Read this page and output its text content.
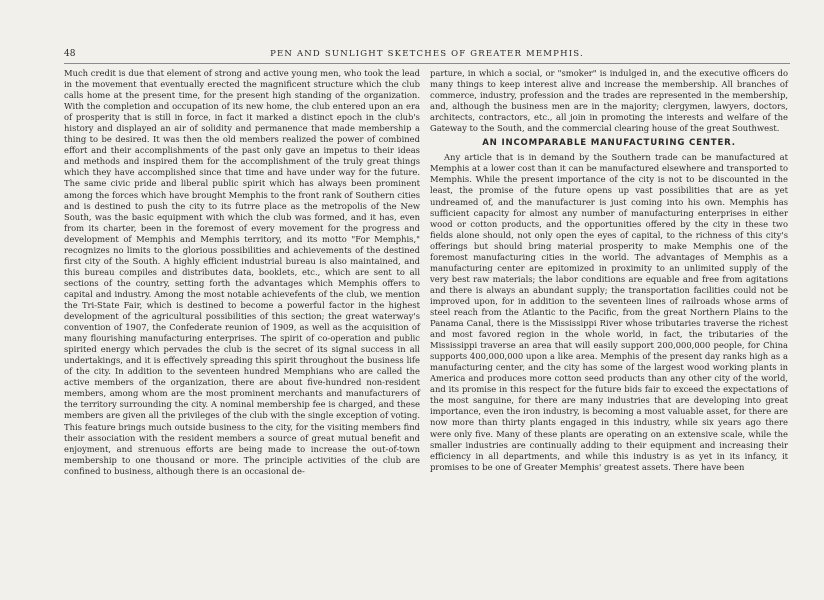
48	PEN AND SUNLIGHT SKETCHES OF GREATER MEMPHIS.

Much credit is due that element of strong and active young men, who took the lead in the movement that eventually erected the magnificent structure which the club calls home at the present time, for the present high standing of the organization. With the completion and occupation of its new home, the club entered upon an era of prosperity that is still in force, in fact it marked a distinct epoch in the club's history and displayed an air of solidity and permanence that made membership a thing to be desired. It was then the old members realized the power of combined effort and their accomplishments of the past only gave an impetus to their ideas and methods and inspired them for the accomplishment of the truly great things which they have accomplished since that time and have under way for the future. The same civic pride and liberal public spirit which has always been prominent among the forces which have brought Memphis to the front rank of Southern cities and is destined to push the city to its futrre place as the metropolis of the New South, was the basic equipment with which the club was formed, and it has, even from its charter, been in the foremost of every movement for the progress and development of Memphis and Memphis territory, and its motto "For Memphis," recognizes no limits to the glorious possibilities and achievements of the destined first city of the South. A highly efficient industrial bureau is also maintained, and this bureau compiles and distributes data, booklets, etc., which are sent to all sections of the country, setting forth the advantages which Memphis offers to capital and industry. Among the most notable achievefents of the club, we mention the Tri-State Fair, which is destined to become a powerful factor in the highest development of the agricultural possibilities of this section; the great waterway's convention of 1907, the Confederate reunion of 1909, as well as the acquisition of many flourishing manufacturing enterprises. The spirit of co-operation and public spirited energy which pervades the club is the secret of its signal success in all undertakings, and it is effectively spreading this spirit throughout the business life of the city. In addition to the seventeen hundred Memphians who are called the active members of the organization, there are about five-hundred non-resident members, among whom are the most prominent merchants and manufacturers of the territory surrounding the city. A nominal membership fee is charged, and these members are given all the privileges of the club with the single exception of voting. This feature brings much outside business to the city, for the visiting members find their association with the resident members a source of great mutual benefit and enjoyment, and strenuous efforts are being made to increase the out-of-town membership to one thousand or more. The principle activities of the club are confined to business, although there is an occasional de-

parture, in which a social, or "smoker" is indulged in, and the executive officers do many things to keep interest alive and increase the membership. All branches of commerce, industry, profession and the trades are represented in the membership, and, although the business men are in the majority; clergymen, lawyers, doctors, architects, contractors, etc., all join in promoting the interests and welfare of the Gateway to the South, and the commercial clearing house of the great Southwest.

AN INCOMPARABLE MANUFACTURING CENTER.

Any article that is in demand by the Southern trade can be manufactured at Memphis at a lower cost than it can be manufactured elsewhere and transported to Memphis. While the present importance of the city is not to be discounted in the least, the promise of the future opens up vast possibilities that are as yet undreamed of, and the manufacturer is just coming into his own. Memphis has sufficient capacity for almost any number of manufacturing enterprises in either wood or cotton products, and the opportunities offered by the city in these two fields alone should, not only open the eyes of capital, to the richness of this city's offerings but should bring material prosperity to make Memphis one of the foremost manufacturing cities in the world. The advantages of Memphis as a manufacturing center are epitomized in proximity to an unlimited supply of the very best raw materials; the labor conditions are equable and free from agitations and there is always an abundant supply; the transportation facilities could not be improved upon, for in addition to the seventeen lines of railroads whose arms of steel reach from the Atlantic to the Pacific, from the great Northern Plains to the Panama Canal, there is the Mississippi River whose tributaries traverse the richest and most favored region in the whole world, in fact, the tributaries of the Mississippi traverse an area that will easily support 200,000,000 people, for China supports 400,000,000 upon a like area. Memphis of the present day ranks high as a manufacturing center, and the city has some of the largest wood working plants in America and produces more cotton seed products than any other city of the world, and its promise in this respect for the future bids fair to exceed the expectations of the most sanguine, for there are many industries that are developing into great importance, even the iron industry, is becoming a most valuable asset, for there are now more than thirty plants engaged in this industry, while six years ago there were only five. Many of these plants are operating on an extensive scale, while the smaller industries are continually adding to their equipment and increasing their efficiency in all departments, and while this industry is as yet in its infancy, it promises to be one of Greater Memphis' greatest assets. There have been
